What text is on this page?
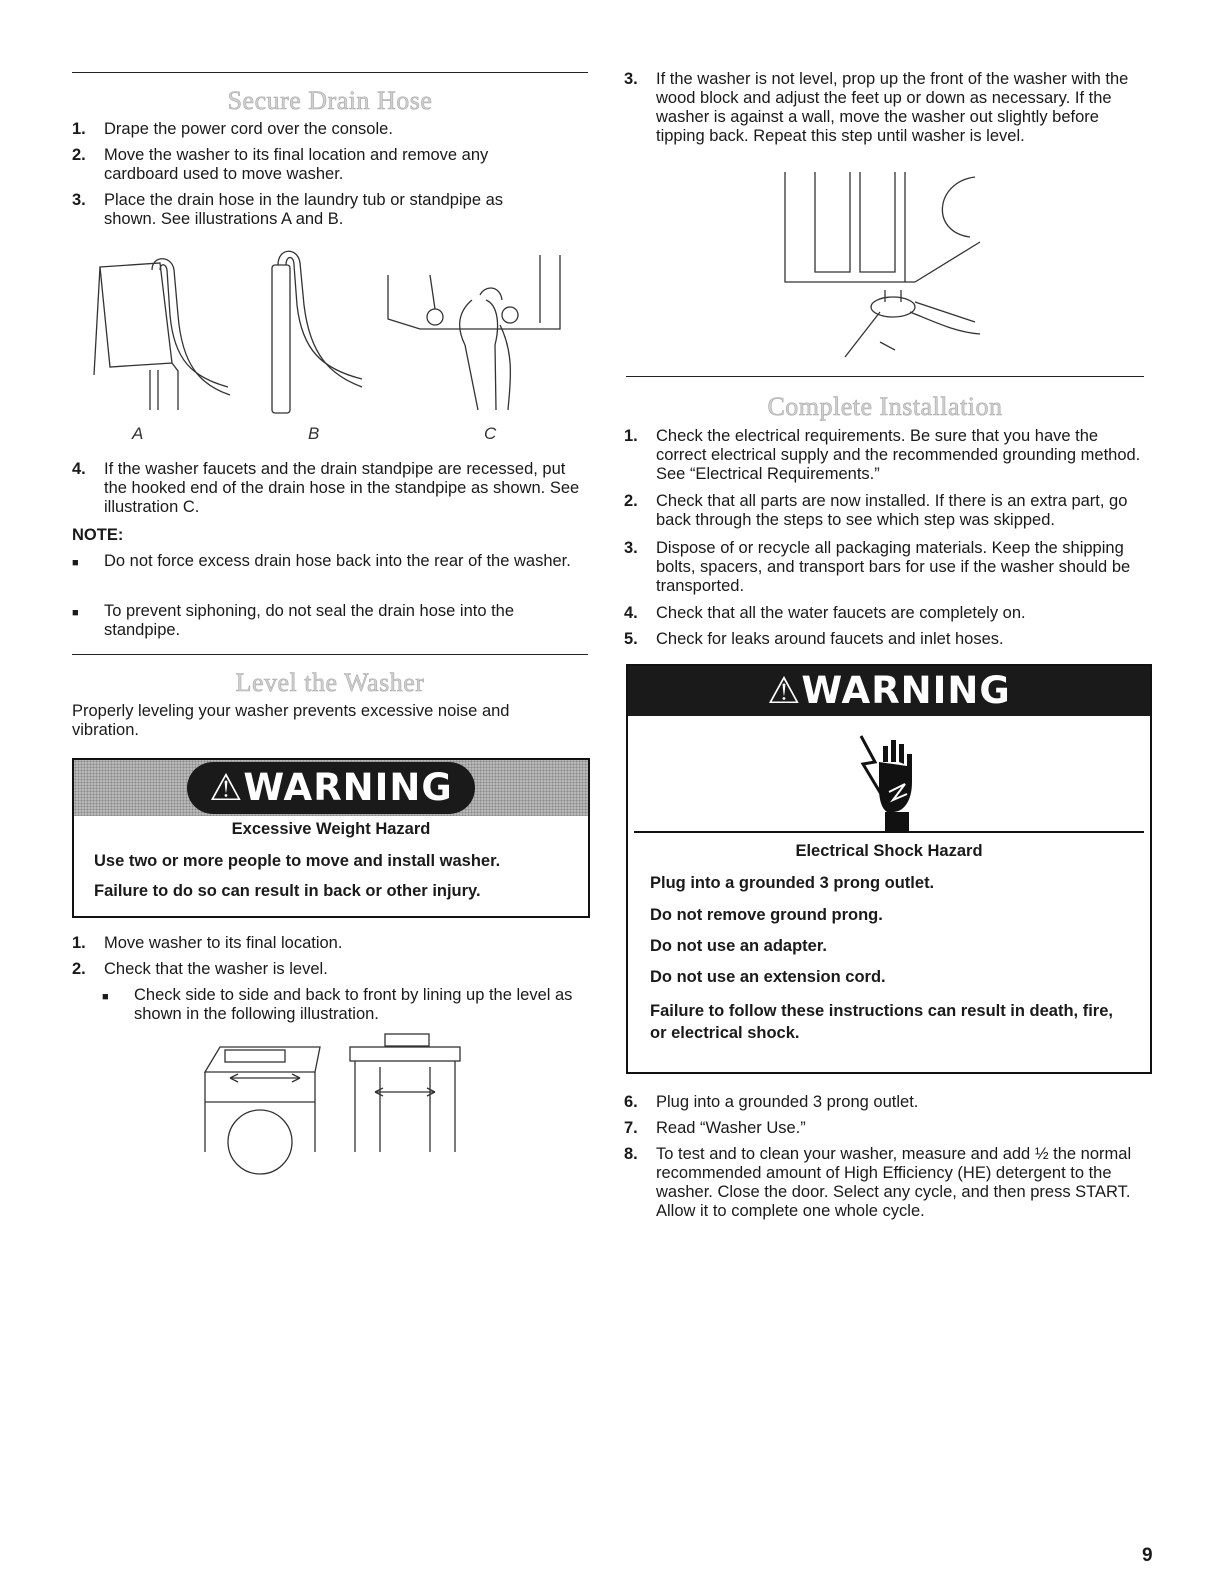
Secure Drain Hose
1. Drape the power cord over the console.
2. Move the washer to its final location and remove any cardboard used to move washer.
3. Place the drain hose in the laundry tub or standpipe as shown. See illustrations A and B.
A	B	C
4. If the washer faucets and the drain standpipe are recessed, put the hooked end of the drain hose in the standpipe as shown. See illustration C.
NOTE:
■ Do not force excess drain hose back into the rear of the washer.
■ To prevent siphoning, do not seal the drain hose into the standpipe.
Level the Washer
Properly leveling your washer prevents excessive noise and vibration.
⚠WARNING
Excessive Weight Hazard
Use two or more people to move and install washer.
Failure to do so can result in back or other injury.
1. Move washer to its final location.
2. Check that the washer is level.
■ Check side to side and back to front by lining up the level as shown in the following illustration.
3. If the washer is not level, prop up the front of the washer with the wood block and adjust the feet up or down as necessary. If the washer is against a wall, move the washer out slightly before tipping back. Repeat this step until washer is level.
Complete Installation
1. Check the electrical requirements. Be sure that you have the correct electrical supply and the recommended grounding method. See “Electrical Requirements.”
2. Check that all parts are now installed. If there is an extra part, go back through the steps to see which step was skipped.
3. Dispose of or recycle all packaging materials. Keep the shipping bolts, spacers, and transport bars for use if the washer should be transported.
4. Check that all the water faucets are completely on.
5. Check for leaks around faucets and inlet hoses.
⚠WARNING
Electrical Shock Hazard
Plug into a grounded 3 prong outlet.
Do not remove ground prong.
Do not use an adapter.
Do not use an extension cord.
Failure to follow these instructions can result in death, fire, or electrical shock.
6. Plug into a grounded 3 prong outlet.
7. Read “Washer Use.”
8. To test and to clean your washer, measure and add ½ the normal recommended amount of High Efficiency (HE) detergent to the washer. Close the door. Select any cycle, and then press START. Allow it to complete one whole cycle.
9
